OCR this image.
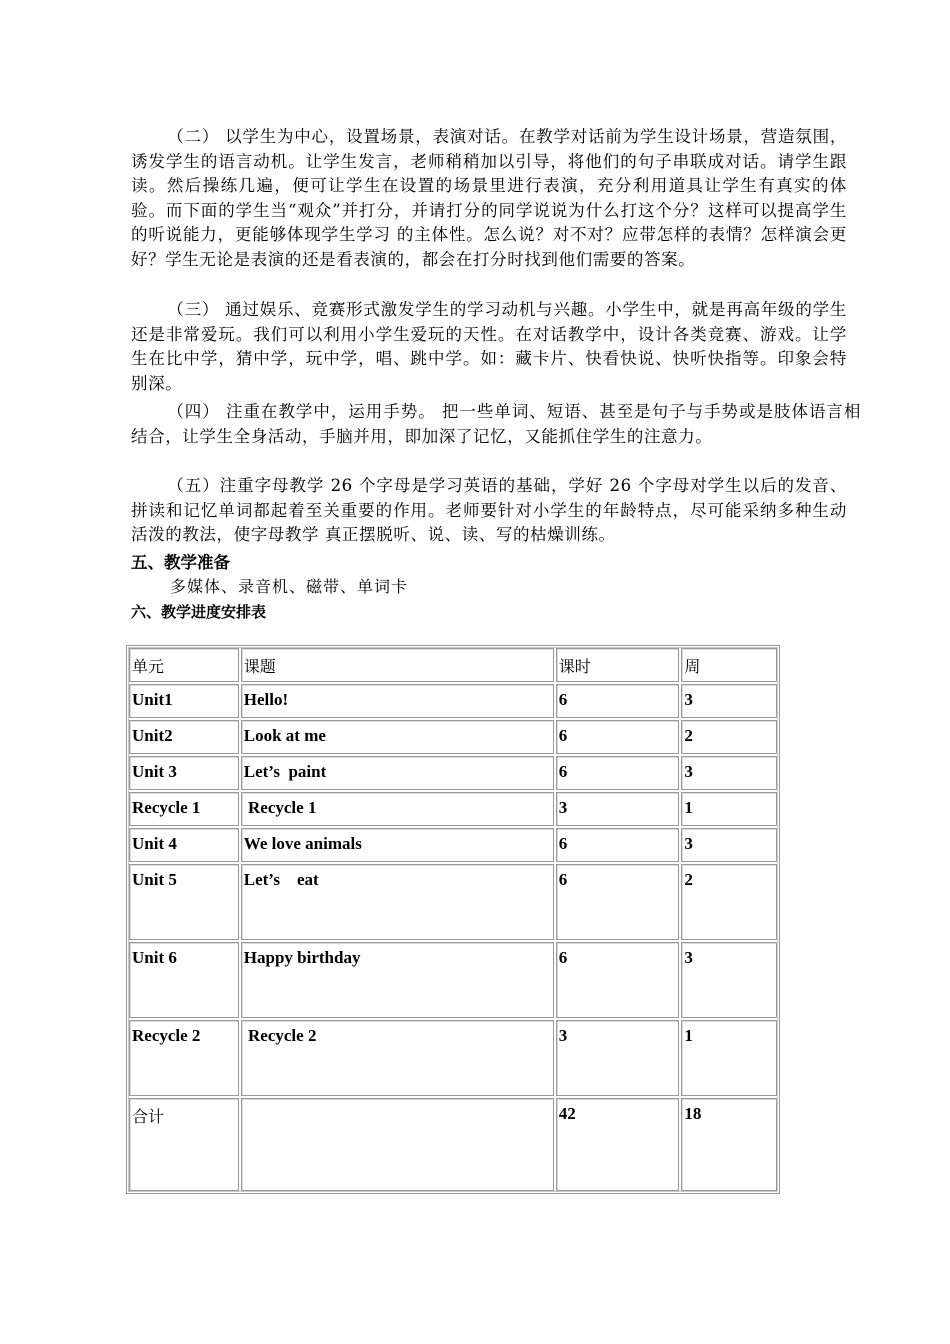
（二） 以学生为中心，设置场景，表演对话。在教学对话前为学生设计场景，营造氛围，诱发学生的语言动机。让学生发言，老师稍稍加以引导，将他们的句子串联成对话。请学生跟读。然后操练几遍，便可让学生在设置的场景里进行表演，充分利用道具让学生有真实的体验。而下面的学生当“观众”并打分，并请打分的同学说说为什么打这个分？这样可以提高学生的听说能力，更能够体现学生学习 的主体性。怎么说？对不对？应带怎样的表情？怎样演会更好？学生无论是表演的还是看表演的，都会在打分时找到他们需要的答案。

（三） 通过娱乐、竞赛形式激发学生的学习动机与兴趣。小学生中，就是再高年级的学生还是非常爱玩。我们可以利用小学生爱玩的天性。在对话教学中，设计各类竞赛、游戏。让学生在比中学，猜中学，玩中学，唱、跳中学。如：藏卡片、快看快说、快听快指等。印象会特别深。

（四） 注重在教学中，运用手势。 把一些单词、短语、甚至是句子与手势或是肢体语言相结合，让学生全身活动，手脑并用，即加深了记忆，又能抓住学生的注意力。

（五）注重字母教学 26 个字母是学习英语的基础，学好 26 个字母对学生以后的发音、拼读和记忆单词都起着至关重要的作用。老师要针对小学生的年龄特点，尽可能采纳多种生动活泼的教法，使字母教学 真正摆脱听、说、读、写的枯燥训练。

五、教学准备

多媒体、录音机、磁带、单词卡

六、教学进度安排表

单元	课题	课时	周
Unit1	Hello!	6	3
Unit2	Look at me	6	2
Unit 3	Let’s  paint	6	3
Recycle 1	Recycle 1	3	1
Unit 4	We love animals	6	3
Unit 5	Let’s    eat	6	2
Unit 6	Happy birthday	6	3
Recycle 2	Recycle 2	3	1
合计		42	18
